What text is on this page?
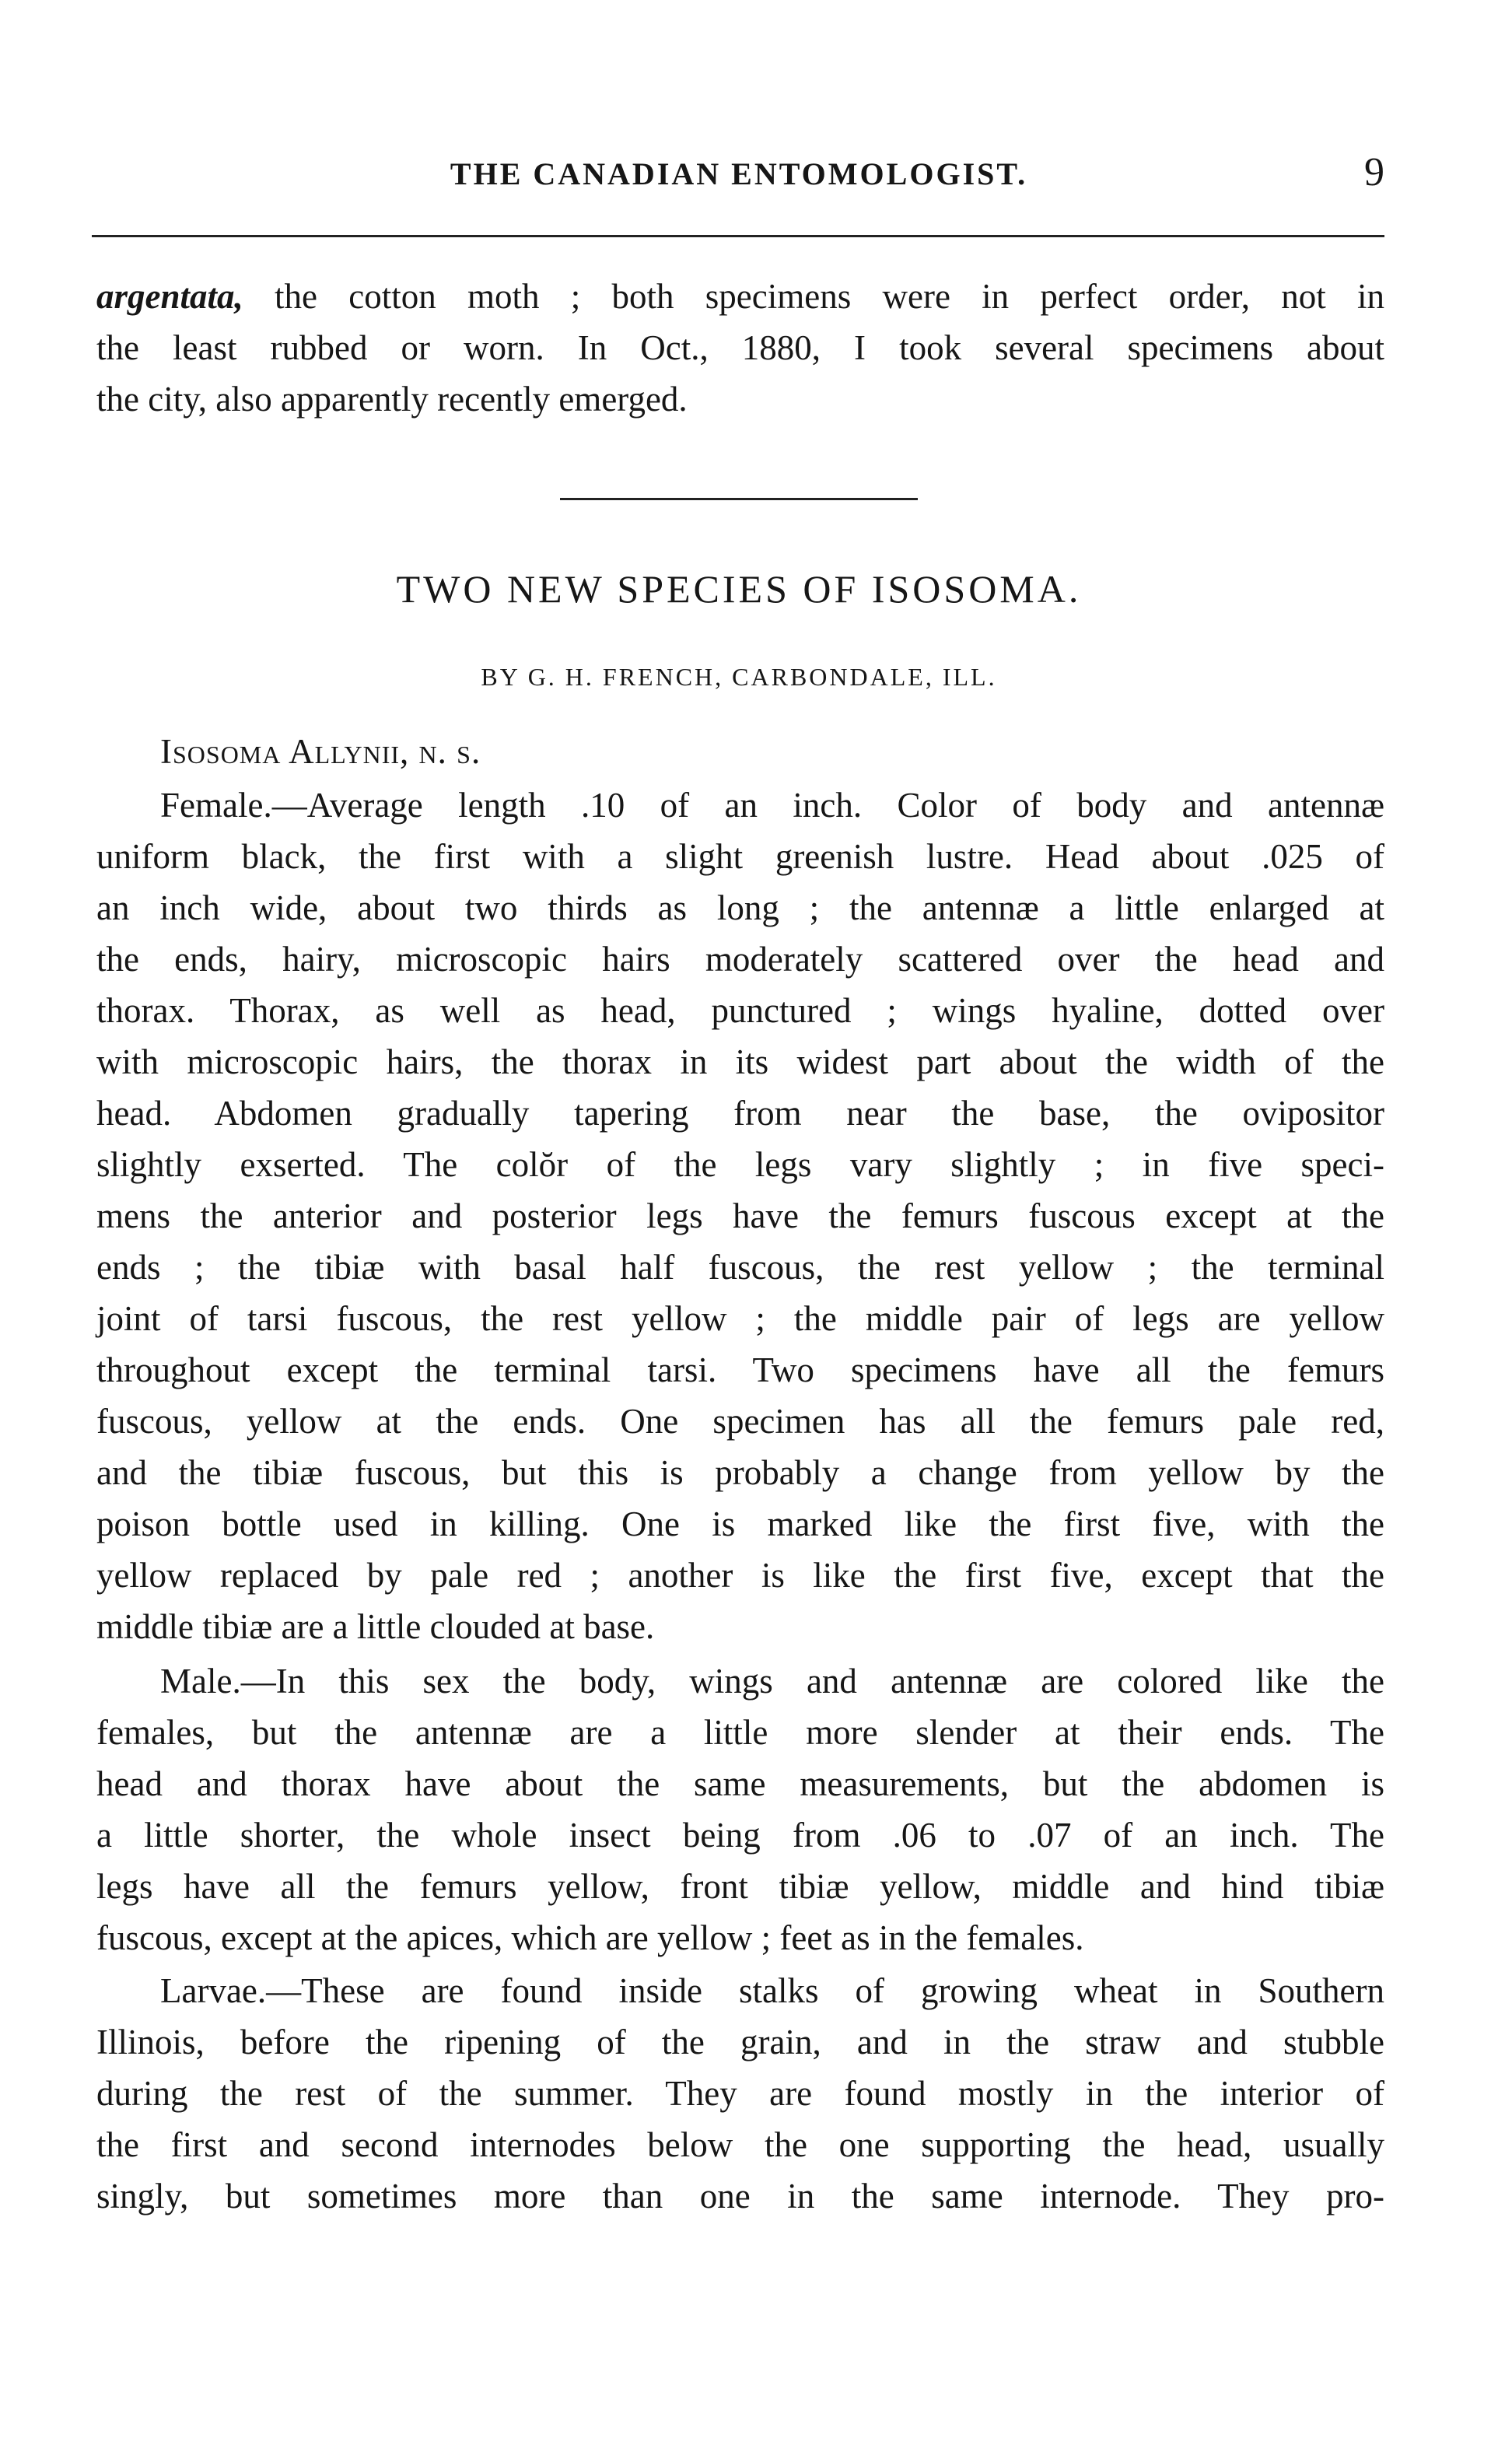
THE CANADIAN ENTOMOLOGIST.	9
argentata, the cotton moth ; both specimens were in perfect order, not in
the least rubbed or worn. In Oct., 1880, I took several specimens about
the city, also apparently recently emerged.
TWO NEW SPECIES OF ISOSOMA.
BY G. H. FRENCH, CARBONDALE, ILL.
Isosoma Allynii, n. s.
Female.—Average length .10 of an inch. Color of body and antennæ
uniform black, the first with a slight greenish lustre. Head about .025 of
an inch wide, about two thirds as long ; the antennæ a little enlarged at
the ends, hairy, microscopic hairs moderately scattered over the head and
thorax. Thorax, as well as head, punctured ; wings hyaline, dotted over
with microscopic hairs, the thorax in its widest part about the width of the
head. Abdomen gradually tapering from near the base, the ovipositor
slightly exserted. The colŏr of the legs vary slightly ; in five speci-
mens the anterior and posterior legs have the femurs fuscous except at the
ends ; the tibiæ with basal half fuscous, the rest yellow ; the terminal
joint of tarsi fuscous, the rest yellow ; the middle pair of legs are yellow
throughout except the terminal tarsi. Two specimens have all the femurs
fuscous, yellow at the ends. One specimen has all the femurs pale red,
and the tibiæ fuscous, but this is probably a change from yellow by the
poison bottle used in killing. One is marked like the first five, with the
yellow replaced by pale red ; another is like the first five, except that the
middle tibiæ are a little clouded at base.
Male.—In this sex the body, wings and antennæ are colored like the
females, but the antennæ are a little more slender at their ends. The
head and thorax have about the same measurements, but the abdomen is
a little shorter, the whole insect being from .06 to .07 of an inch. The
legs have all the femurs yellow, front tibiæ yellow, middle and hind tibiæ
fuscous, except at the apices, which are yellow ; feet as in the females.
Larvae.—These are found inside stalks of growing wheat in Southern
Illinois, before the ripening of the grain, and in the straw and stubble
during the rest of the summer. They are found mostly in the interior of
the first and second internodes below the one supporting the head, usually
singly, but sometimes more than one in the same internode. They pro-
